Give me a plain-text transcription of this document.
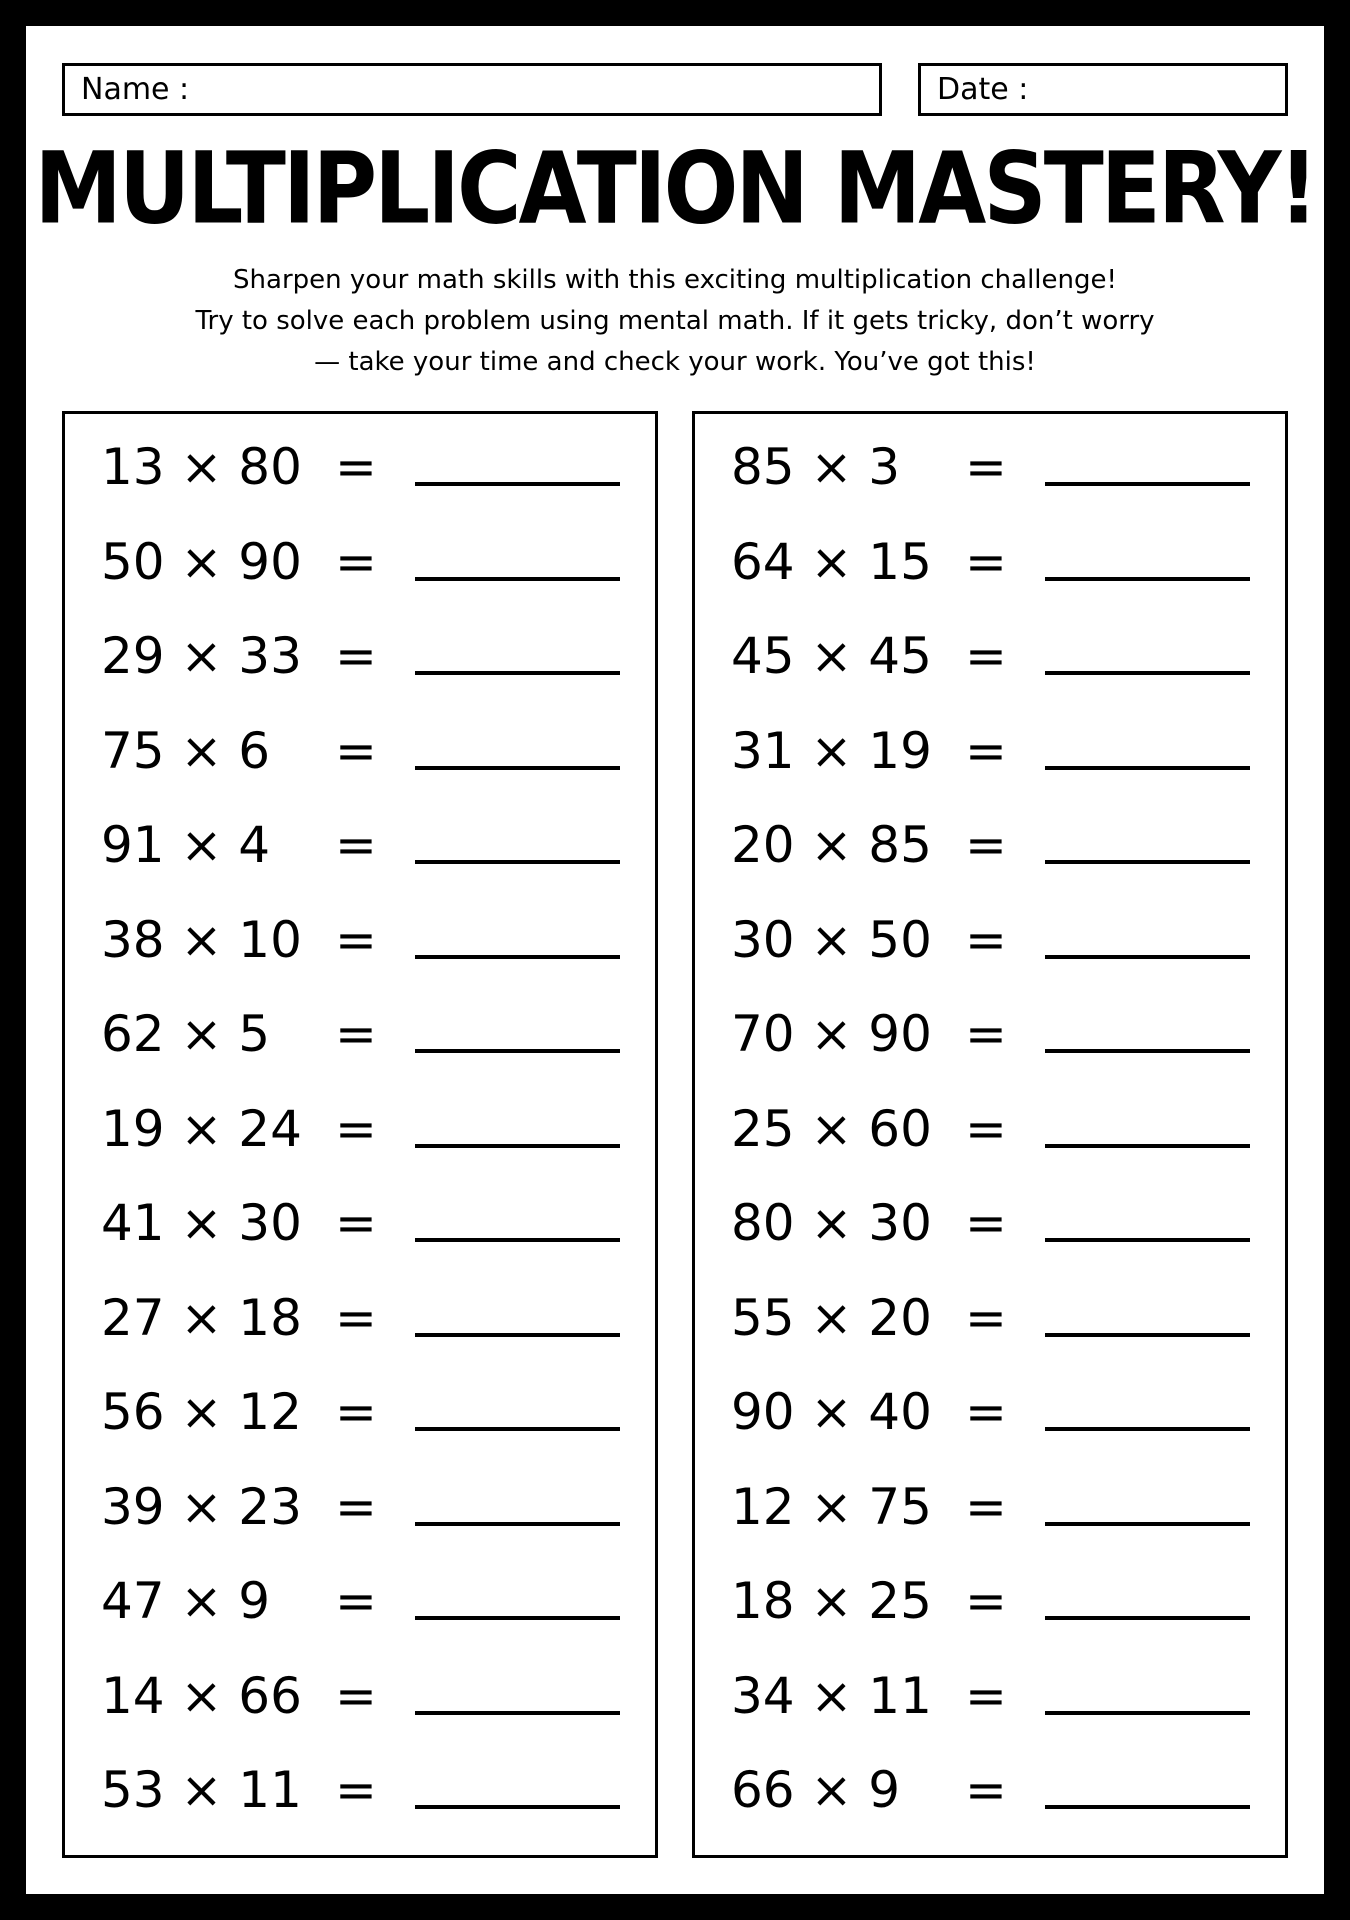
Name :	Date :
MULTIPLICATION MASTERY!
Sharpen your math skills with this exciting multiplication challenge!
Try to solve each problem using mental math. If it gets tricky, don’t worry
— take your time and check your work. You’ve got this!
13 × 80 =
50 × 90 =
29 × 33 =
75 × 6 =
91 × 4 =
38 × 10 =
62 × 5 =
19 × 24 =
41 × 30 =
27 × 18 =
56 × 12 =
39 × 23 =
47 × 9 =
14 × 66 =
53 × 11 =
85 × 3 =
64 × 15 =
45 × 45 =
31 × 19 =
20 × 85 =
30 × 50 =
70 × 90 =
25 × 60 =
80 × 30 =
55 × 20 =
90 × 40 =
12 × 75 =
18 × 25 =
34 × 11 =
66 × 9 =
